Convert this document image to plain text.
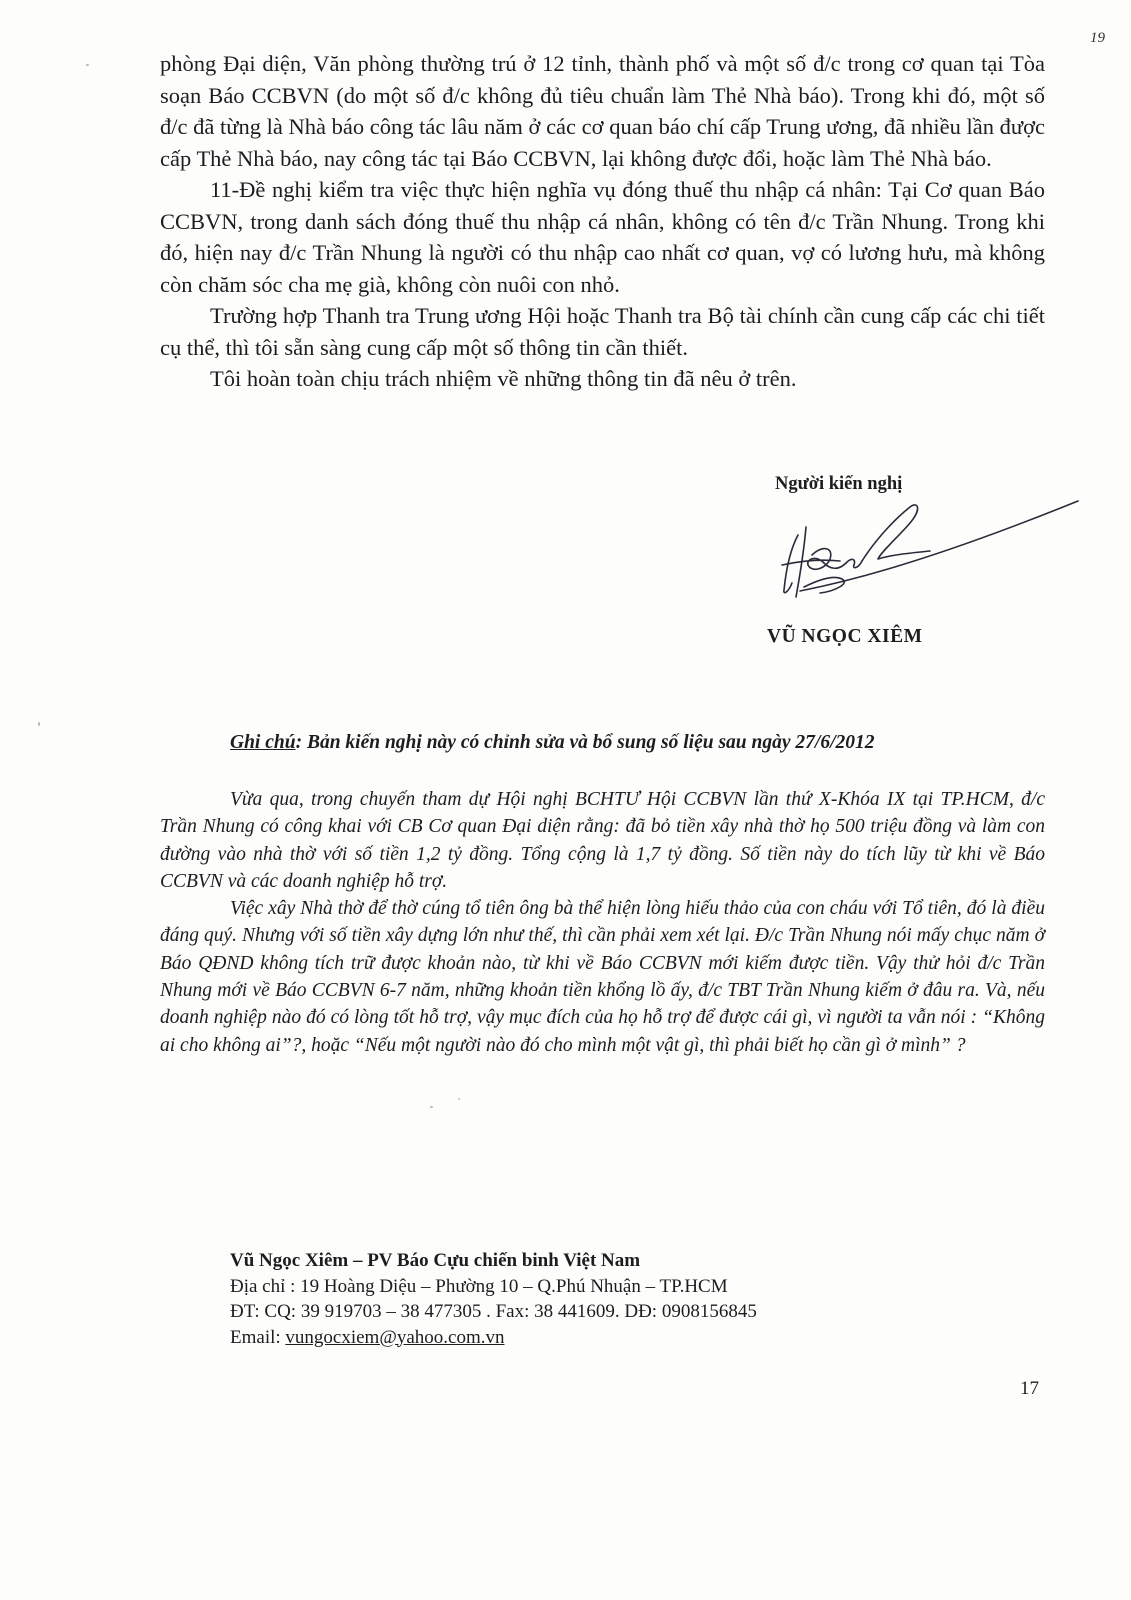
19

phòng Đại diện, Văn phòng thường trú ở 12 tỉnh, thành phố và một số đ/c trong cơ quan tại Tòa soạn Báo CCBVN (do một số đ/c không đủ tiêu chuẩn làm Thẻ Nhà báo). Trong khi đó, một số đ/c đã từng là Nhà báo công tác lâu năm ở các cơ quan báo chí cấp Trung ương, đã nhiều lần được cấp Thẻ Nhà báo, nay công tác tại Báo CCBVN, lại không được đổi, hoặc làm Thẻ Nhà báo.

11-Đề nghị kiểm tra việc thực hiện nghĩa vụ đóng thuế thu nhập cá nhân: Tại Cơ quan Báo CCBVN, trong danh sách đóng thuế thu nhập cá nhân, không có tên đ/c Trần Nhung. Trong khi đó, hiện nay đ/c Trần Nhung là người có thu nhập cao nhất cơ quan, vợ có lương hưu, mà không còn chăm sóc cha mẹ già, không còn nuôi con nhỏ.

Trường hợp Thanh tra Trung ương Hội hoặc Thanh tra Bộ tài chính cần cung cấp các chi tiết cụ thể, thì tôi sẵn sàng cung cấp một số thông tin cần thiết.

Tôi hoàn toàn chịu trách nhiệm về những thông tin đã nêu ở trên.

Người kiến nghị
VŨ NGỌC XIÊM
Ghi chú: Bản kiến nghị này có chỉnh sửa và bổ sung số liệu sau ngày 27/6/2012

Vừa qua, trong chuyến tham dự Hội nghị BCHTƯ Hội CCBVN lần thứ X-Khóa IX tại TP.HCM, đ/c Trần Nhung có công khai với CB Cơ quan Đại diện rằng: đã bỏ tiền xây nhà thờ họ 500 triệu đồng và làm con đường vào nhà thờ với số tiền 1,2 tỷ đồng. Tổng cộng là 1,7 tỷ đồng. Số tiền này do tích lũy từ khi về Báo CCBVN và các doanh nghiệp hỗ trợ.

Việc xây Nhà thờ để thờ cúng tổ tiên ông bà thể hiện lòng hiếu thảo của con cháu với Tổ tiên, đó là điều đáng quý. Nhưng với số tiền xây dựng lớn như thế, thì cần phải xem xét lại. Đ/c Trần Nhung nói mấy chục năm ở Báo QĐND không tích trữ được khoản nào, từ khi về Báo CCBVN mới kiếm được tiền. Vậy thử hỏi đ/c Trần Nhung mới về Báo CCBVN 6-7 năm, những khoản tiền khổng lồ ấy, đ/c TBT Trần Nhung kiếm ở đâu ra. Và, nếu doanh nghiệp nào đó có lòng tốt hỗ trợ, vậy mục đích của họ hỗ trợ để được cái gì, vì người ta vẫn nói : “Không ai cho không ai”?, hoặc “Nếu một người nào đó cho mình một vật gì, thì phải biết họ cần gì ở mình” ?

Vũ Ngọc Xiêm – PV Báo Cựu chiến binh Việt Nam
Địa chỉ : 19 Hoàng Diệu – Phường 10 – Q.Phú Nhuận – TP.HCM
ĐT: CQ: 39 919703 – 38 477305 . Fax: 38 441609. DĐ: 0908156845
Email: vungocxiem@yahoo.com.vn
17
